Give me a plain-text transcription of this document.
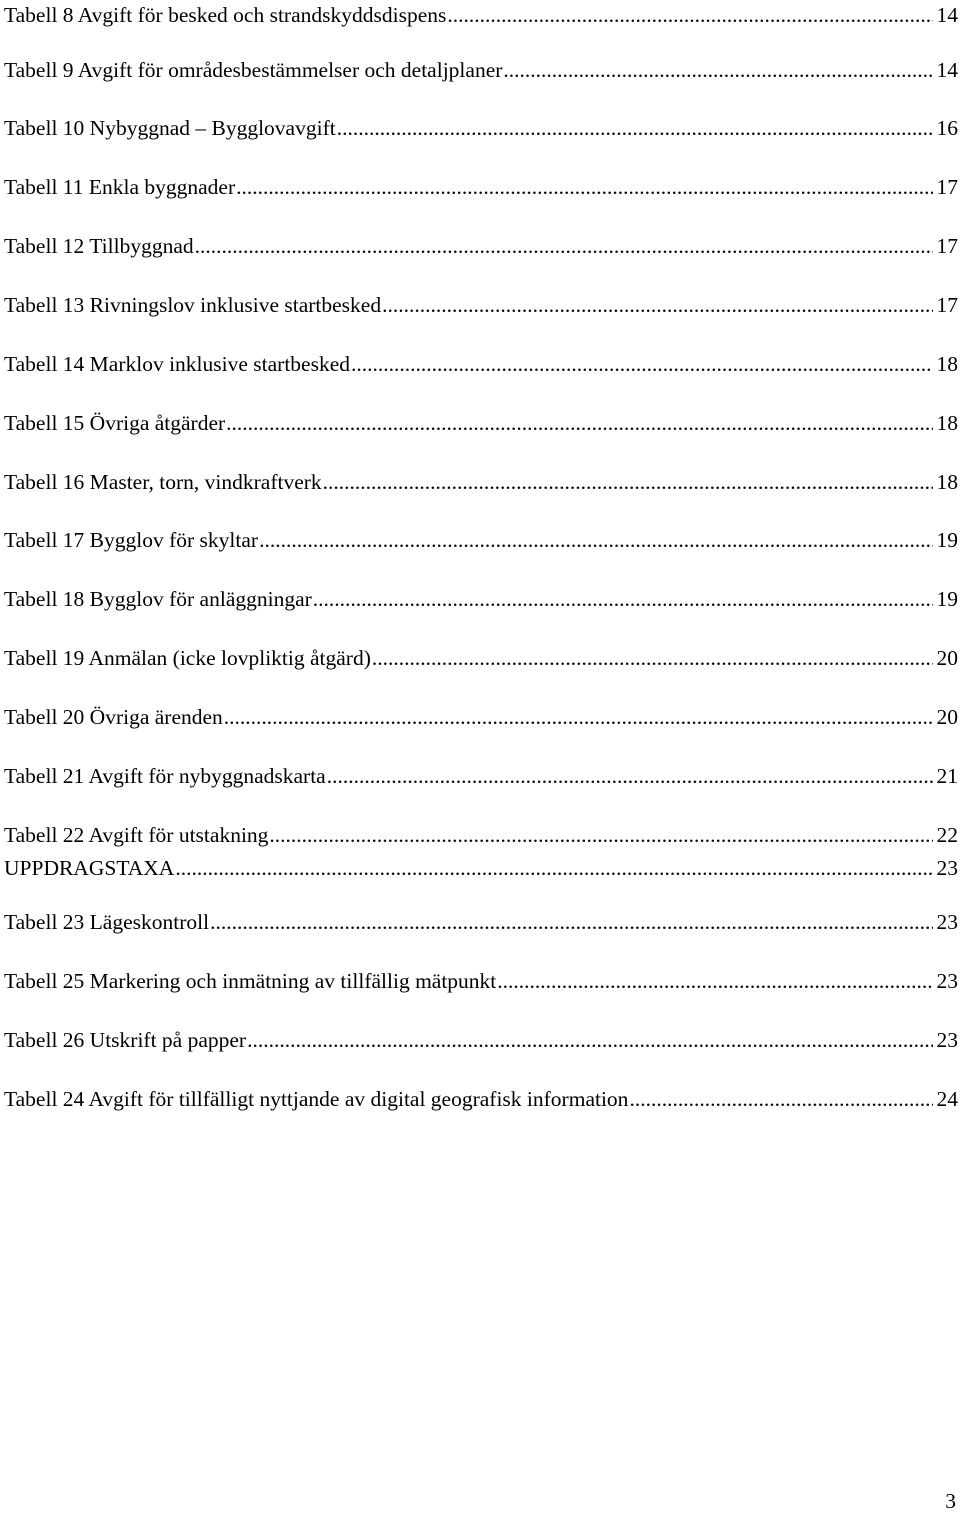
Tabell 8 Avgift för besked och strandskyddsdispens .....	14
Tabell 9 Avgift för områdesbestämmelser och detaljplaner .....	14
Tabell 10 Nybyggnad – Bygglovavgift .....	16
Tabell 11 Enkla byggnader .....	17
Tabell 12 Tillbyggnad .....	17
Tabell 13 Rivningslov inklusive startbesked .....	17
Tabell 14 Marklov inklusive startbesked .....	18
Tabell 15 Övriga åtgärder .....	18
Tabell 16 Master, torn, vindkraftverk .....	18
Tabell 17 Bygglov för skyltar .....	19
Tabell 18 Bygglov för anläggningar .....	19
Tabell 19 Anmälan (icke lovpliktig åtgärd) .....	20
Tabell 20 Övriga ärenden .....	20
Tabell 21 Avgift för nybyggnadskarta .....	21
Tabell 22 Avgift för utstakning .....	22
UPPDRAGSTAXA .....	23
Tabell 23 Lägeskontroll .....	23
Tabell 25 Markering och inmätning av tillfällig mätpunkt .....	23
Tabell 26 Utskrift på papper .....	23
Tabell 24 Avgift för tillfälligt nyttjande av digital geografisk information .....	24
3
